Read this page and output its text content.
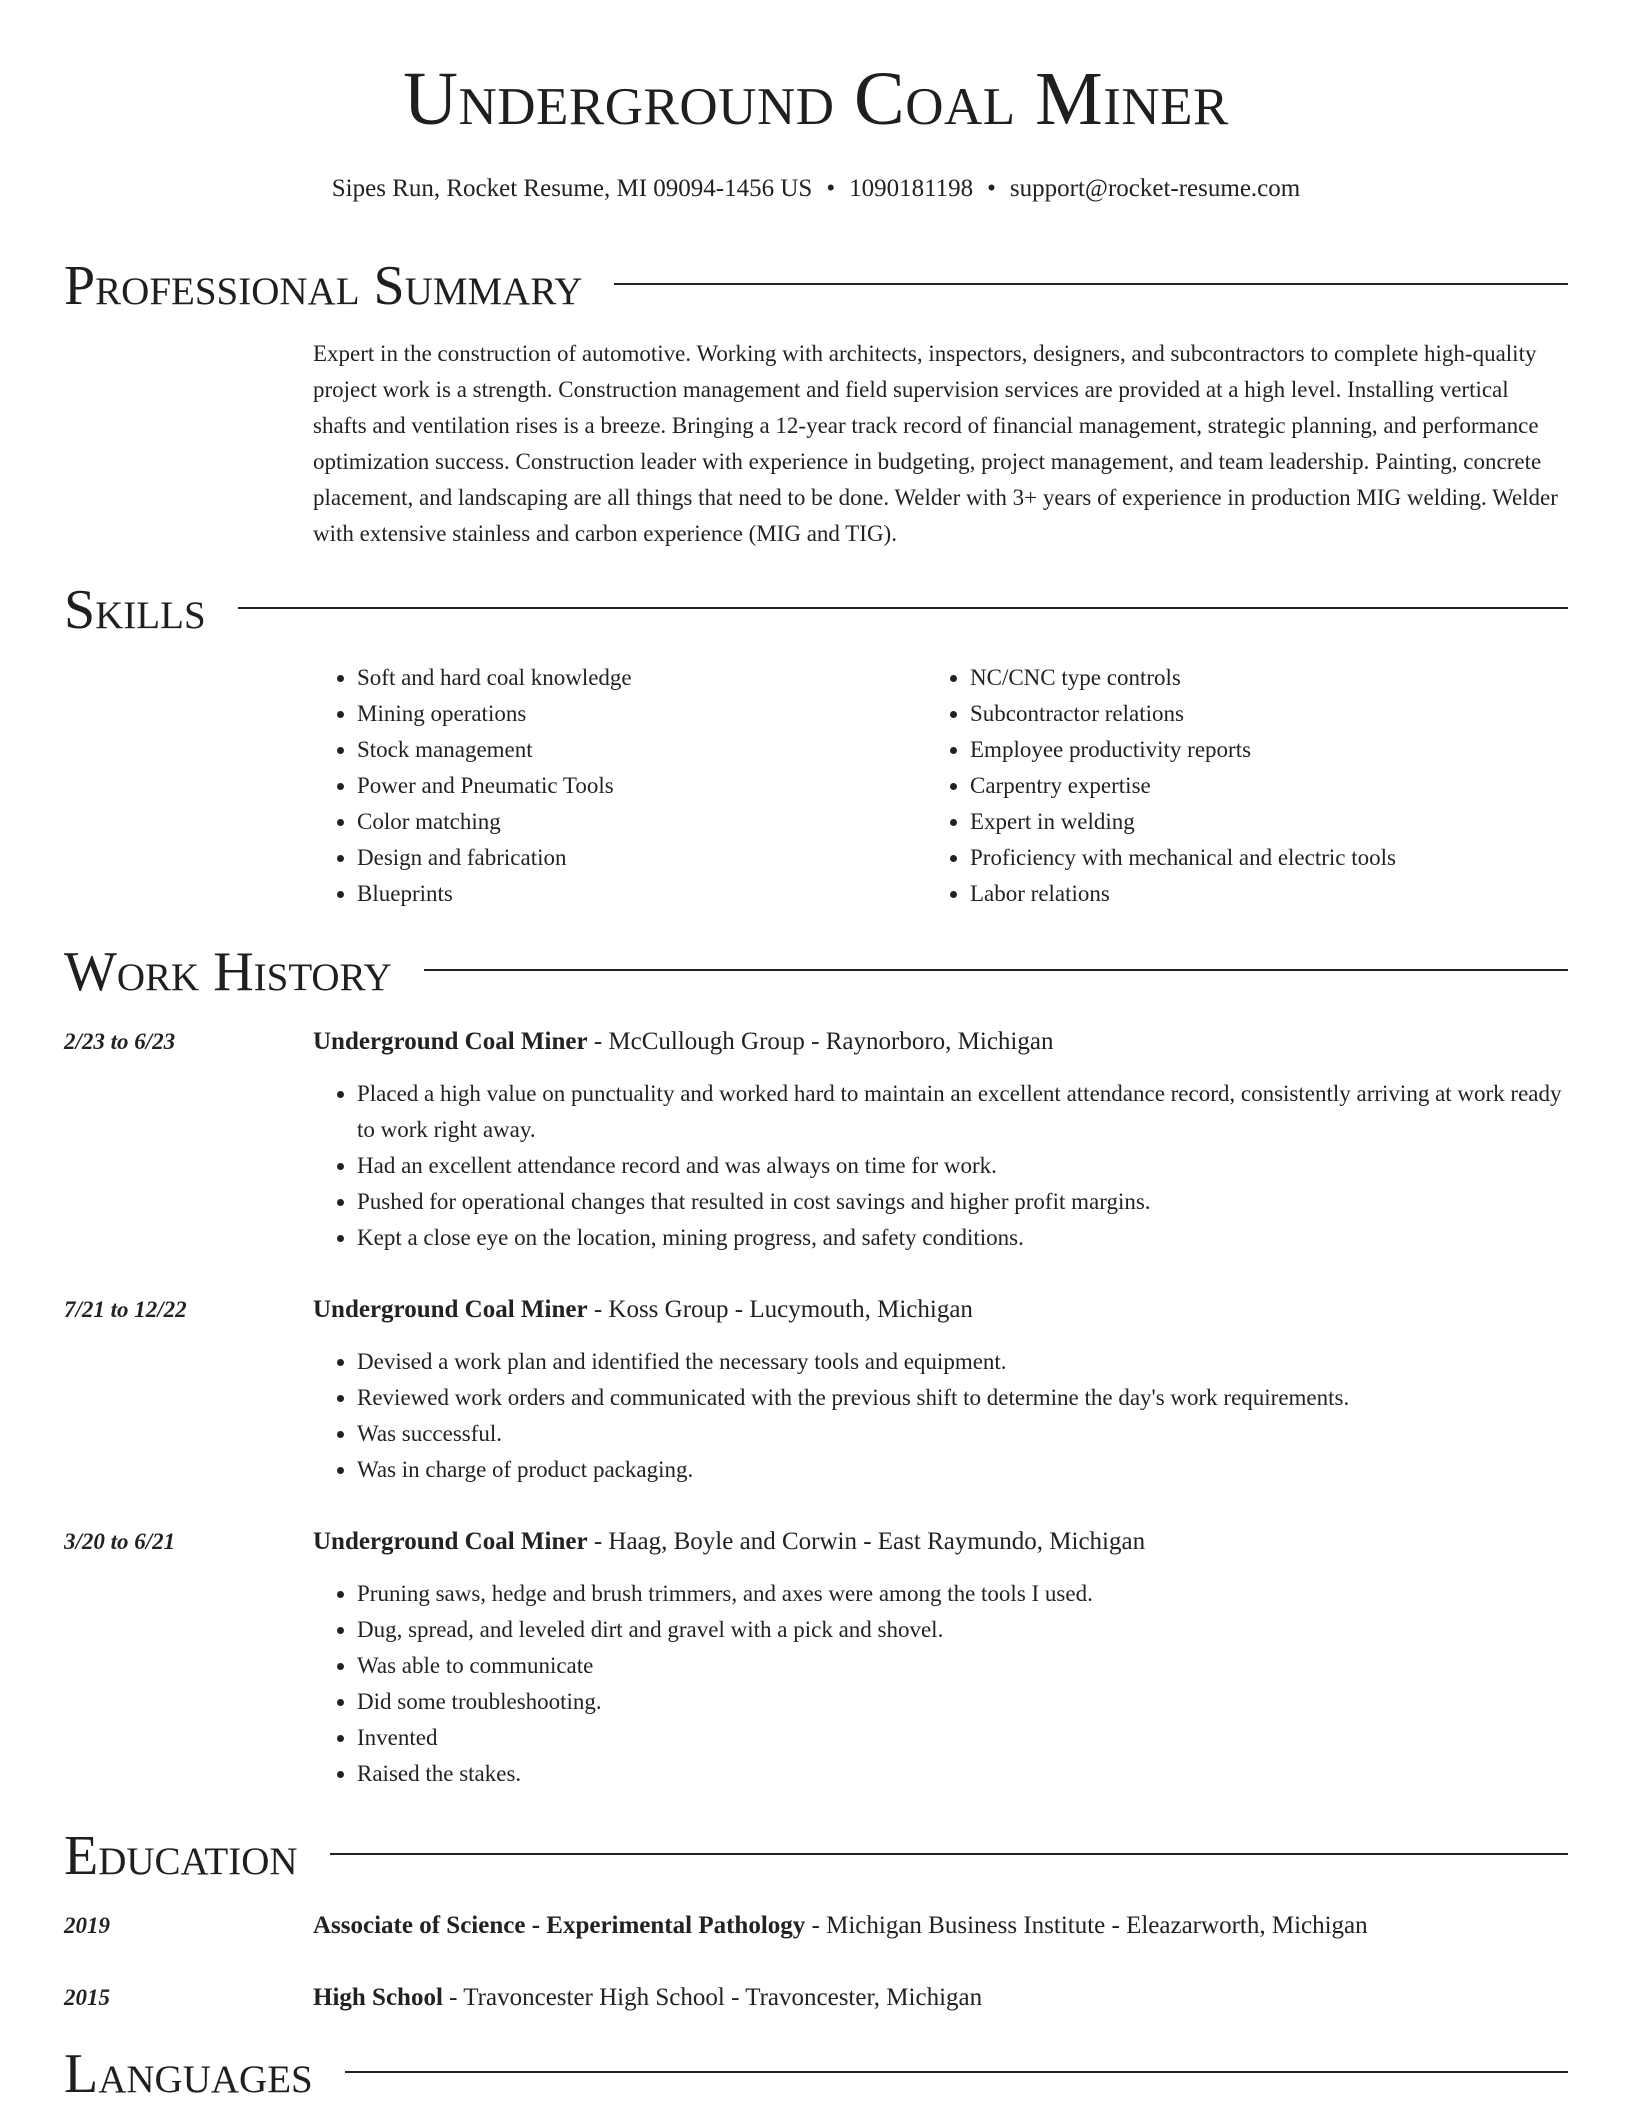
Underground Coal Miner
Sipes Run, Rocket Resume, MI 09094-1456 US • 1090181198 • support@rocket-resume.com
Professional Summary

Expert in the construction of automotive. Working with architects, inspectors, designers, and subcontractors to complete high-quality project work is a strength. Construction management and field supervision services are provided at a high level. Installing vertical shafts and ventilation rises is a breeze. Bringing a 12-year track record of financial management, strategic planning, and performance optimization success. Construction leader with experience in budgeting, project management, and team leadership. Painting, concrete placement, and landscaping are all things that need to be done. Welder with 3+ years of experience in production MIG welding. Welder with extensive stainless and carbon experience (MIG and TIG).

Skills
• Soft and hard coal knowledge
• Mining operations
• Stock management
• Power and Pneumatic Tools
• Color matching
• Design and fabrication
• Blueprints
• NC/CNC type controls
• Subcontractor relations
• Employee productivity reports
• Carpentry expertise
• Expert in welding
• Proficiency with mechanical and electric tools
• Labor relations
Work History
2/23 to 6/23	Underground Coal Miner - McCullough Group - Raynorboro, Michigan
• Placed a high value on punctuality and worked hard to maintain an excellent attendance record, consistently arriving at work ready to work right away.
• Had an excellent attendance record and was always on time for work.
• Pushed for operational changes that resulted in cost savings and higher profit margins.
• Kept a close eye on the location, mining progress, and safety conditions.
7/21 to 12/22	Underground Coal Miner - Koss Group - Lucymouth, Michigan
• Devised a work plan and identified the necessary tools and equipment.
• Reviewed work orders and communicated with the previous shift to determine the day's work requirements.
• Was successful.
• Was in charge of product packaging.
3/20 to 6/21	Underground Coal Miner - Haag, Boyle and Corwin - East Raymundo, Michigan
• Pruning saws, hedge and brush trimmers, and axes were among the tools I used.
• Dug, spread, and leveled dirt and gravel with a pick and shovel.
• Was able to communicate
• Did some troubleshooting.
• Invented
• Raised the stakes.
Education
2019	Associate of Science - Experimental Pathology - Michigan Business Institute - Eleazarworth, Michigan
2015	High School - Travoncester High School - Travoncester, Michigan
Languages
